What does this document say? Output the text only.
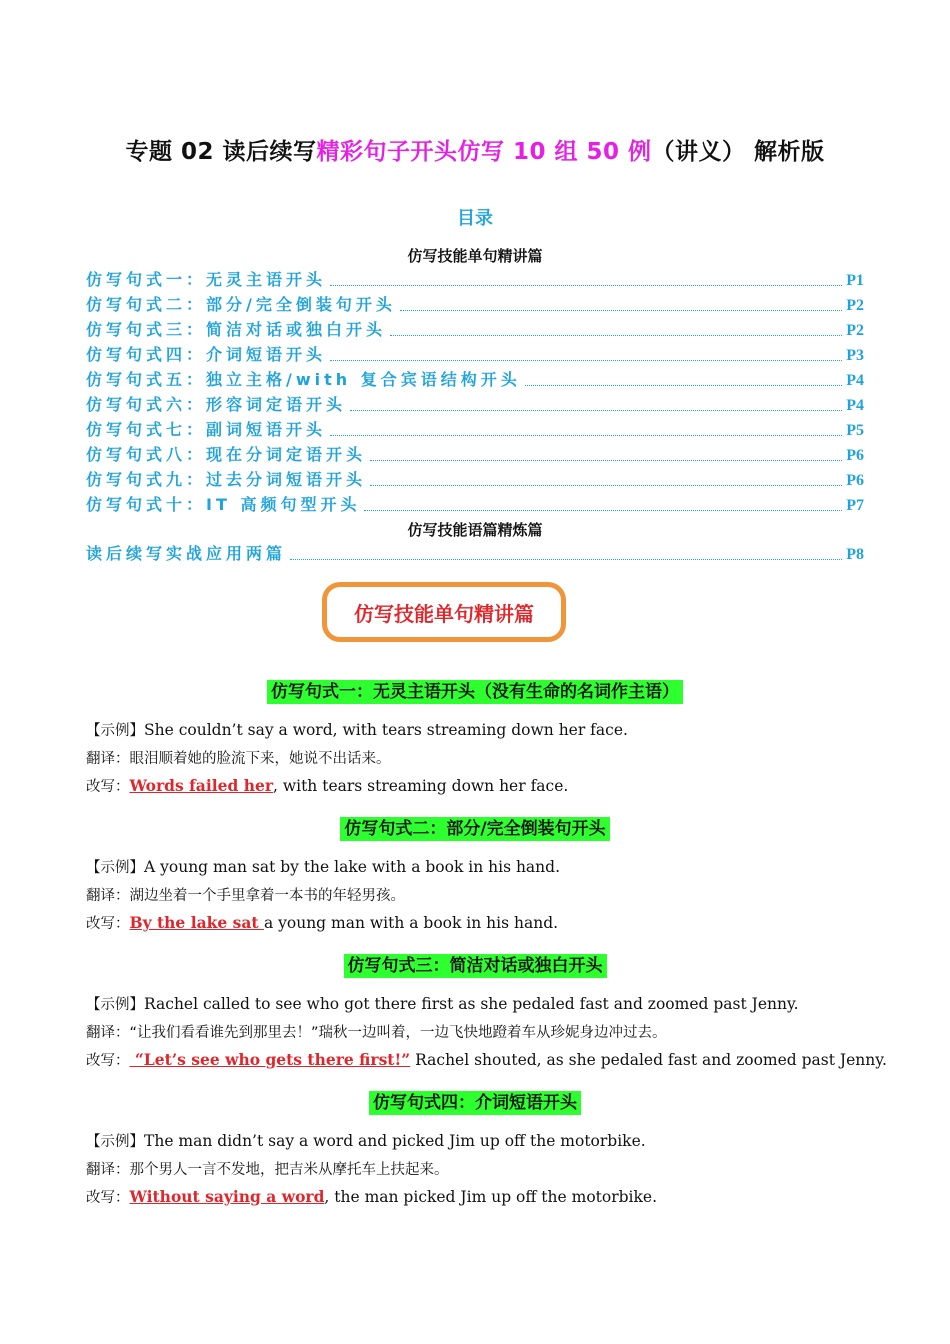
专题 02 读后续写精彩句子开头仿写 10 组 50 例（讲义） 解析版
目录
仿写技能单句精讲篇
仿写句式一：无灵主语开头	P1
仿写句式二：部分/完全倒装句开头	P2
仿写句式三：简洁对话或独白开头	P2
仿写句式四：介词短语开头	P3
仿写句式五：独立主格/with 复合宾语结构开头	P4
仿写句式六：形容词定语开头	P4
仿写句式七：副词短语开头	P5
仿写句式八：现在分词定语开头	P6
仿写句式九：过去分词短语开头	P6
仿写句式十：IT 高频句型开头	P7
仿写技能语篇精炼篇
读后续写实战应用两篇	P8
仿写技能单句精讲篇
仿写句式一：无灵主语开头（没有生命的名词作主语）
【示例】She couldn’t say a word, with tears streaming down her face.
翻译：眼泪顺着她的脸流下来，她说不出话来。
改写：Words failed her, with tears streaming down her face.
仿写句式二：部分/完全倒装句开头
【示例】A young man sat by the lake with a book in his hand.
翻译：湖边坐着一个手里拿着一本书的年轻男孩。
改写：By the lake sat a young man with a book in his hand.
仿写句式三：简洁对话或独白开头
【示例】Rachel called to see who got there first as she pedaled fast and zoomed past Jenny.
翻译：“让我们看看谁先到那里去！”瑞秋一边叫着，一边飞快地蹬着车从珍妮身边冲过去。
改写： “Let’s see who gets there first!” Rachel shouted, as she pedaled fast and zoomed past Jenny.
仿写句式四：介词短语开头
【示例】The man didn’t say a word and picked Jim up off the motorbike.
翻译：那个男人一言不发地，把吉米从摩托车上扶起来。
改写：Without saying a word, the man picked Jim up off the motorbike.
